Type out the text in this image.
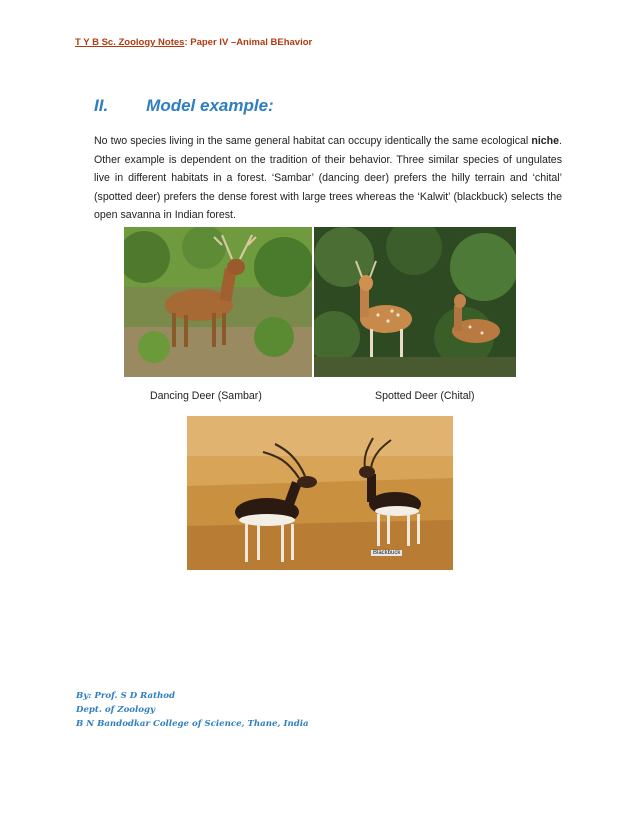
T Y B Sc. Zoology Notes: Paper IV –Animal BEhavior
II. Model example:
No two species living in the same general habitat can occupy identically the same ecological niche. Other example is dependent on the tradition of their behavior. Three similar species of ungulates live in different habitats in a forest. ‘Sambar’ (dancing deer) prefers the hilly terrain and ‘chital’ (spotted deer) prefers the dense forest with large trees whereas the ‘Kalwit’ (blackbuck) selects the open savanna in Indian forest.
Dancing Deer (Sambar)	Spotted Deer (Chital)
Blackbuck
By: Prof. S D Rathod
Dept. of Zoology
B N Bandodkar College of Science, Thane, India
